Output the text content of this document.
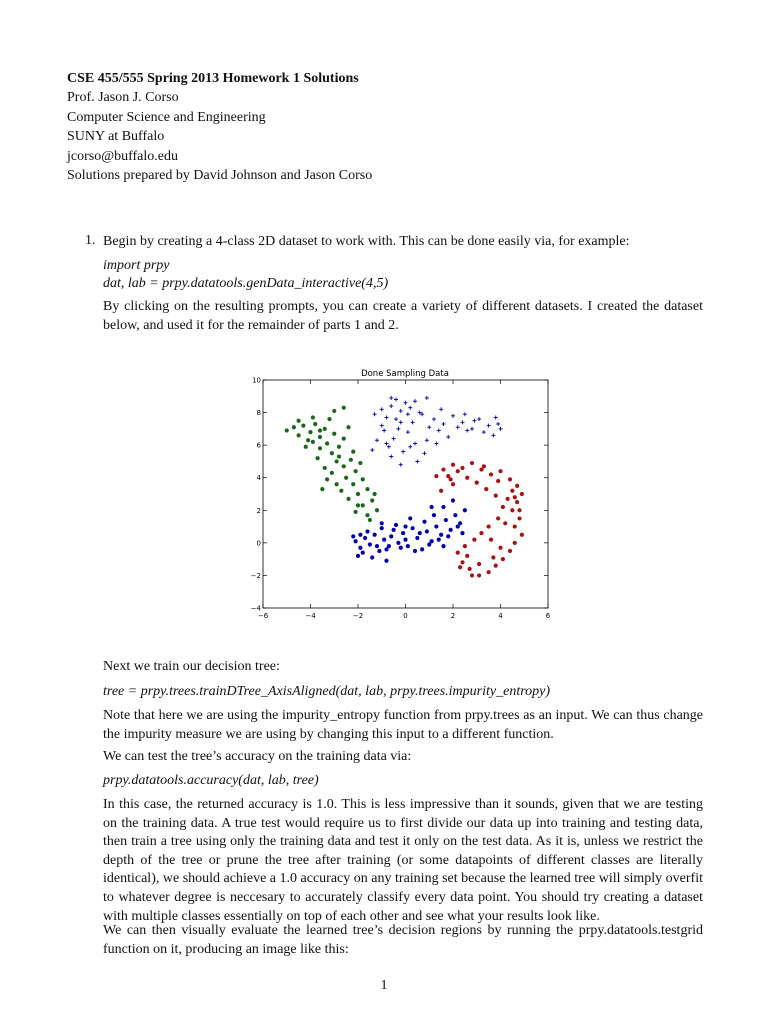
CSE 455/555 Spring 2013 Homework 1 Solutions
Prof. Jason J. Corso
Computer Science and Engineering
SUNY at Buffalo
jcorso@buffalo.edu
Solutions prepared by David Johnson and Jason Corso
1. Begin by creating a 4-class 2D dataset to work with. This can be done easily via, for example:
import prpy
dat, lab = prpy.datatools.genData_interactive(4,5)
By clicking on the resulting prompts, you can create a variety of different datasets. I created the dataset below, and used it for the remainder of parts 1 and 2.
Done Sampling Data
−6	−4	−2	0	2	4	6
−4
−2
0
2
4
6
8
10
Next we train our decision tree:
tree = prpy.trees.trainDTree_AxisAligned(dat, lab, prpy.trees.impurity_entropy)
Note that here we are using the impurity_entropy function from prpy.trees as an input. We can thus change the impurity measure we are using by changing this input to a different function.
We can test the tree’s accuracy on the training data via:
prpy.datatools.accuracy(dat, lab, tree)
In this case, the returned accuracy is 1.0. This is less impressive than it sounds, given that we are testing on the training data. A true test would require us to first divide our data up into training and testing data, then train a tree using only the training data and test it only on the test data. As it is, unless we restrict the depth of the tree or prune the tree after training (or some datapoints of different classes are literally identical), we should achieve a 1.0 accuracy on any training set because the learned tree will simply overfit to whatever degree is neccesary to accurately classify every data point. You should try creating a dataset with multiple classes essentially on top of each other and see what your results look like.
We can then visually evaluate the learned tree’s decision regions by running the prpy.datatools.testgrid function on it, producing an image like this:
1
